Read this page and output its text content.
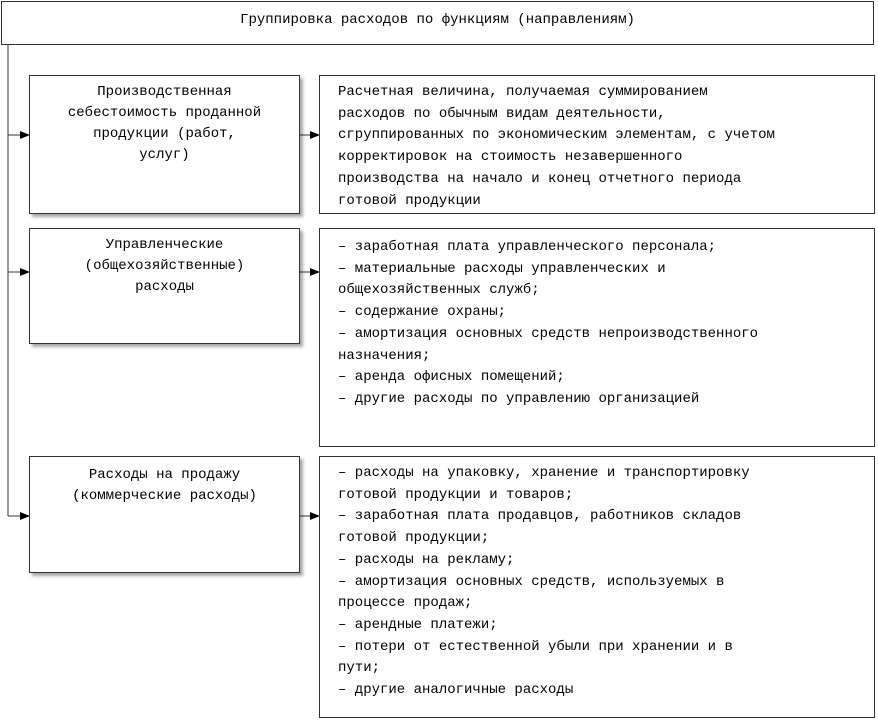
Группировка расходов по функциям (направлениям)
Производственная
себестоимость проданной
продукции (работ,
услуг)
Расчетная величина, получаемая суммированием
расходов по обычным видам деятельности,
сгруппированных по экономическим элементам, с учетом
корректировок на стоимость незавершенного
производства на начало и конец отчетного периода
готовой продукции
Управленческие
(общехозяйственные)
расходы
– заработная плата управленческого персонала;
– материальные расходы управленческих и
общехозяйственных служб;
– содержание охраны;
– амортизация основных средств непроизводственного
назначения;
– аренда офисных помещений;
– другие расходы по управлению организацией
Расходы на продажу
(коммерческие расходы)
– расходы на упаковку, хранение и транспортировку
готовой продукции и товаров;
– заработная плата продавцов, работников складов
готовой продукции;
– расходы на рекламу;
– амортизация основных средств, используемых в
процессе продаж;
– арендные платежи;
– потери от естественной убыли при хранении и в
пути;
– другие аналогичные расходы
